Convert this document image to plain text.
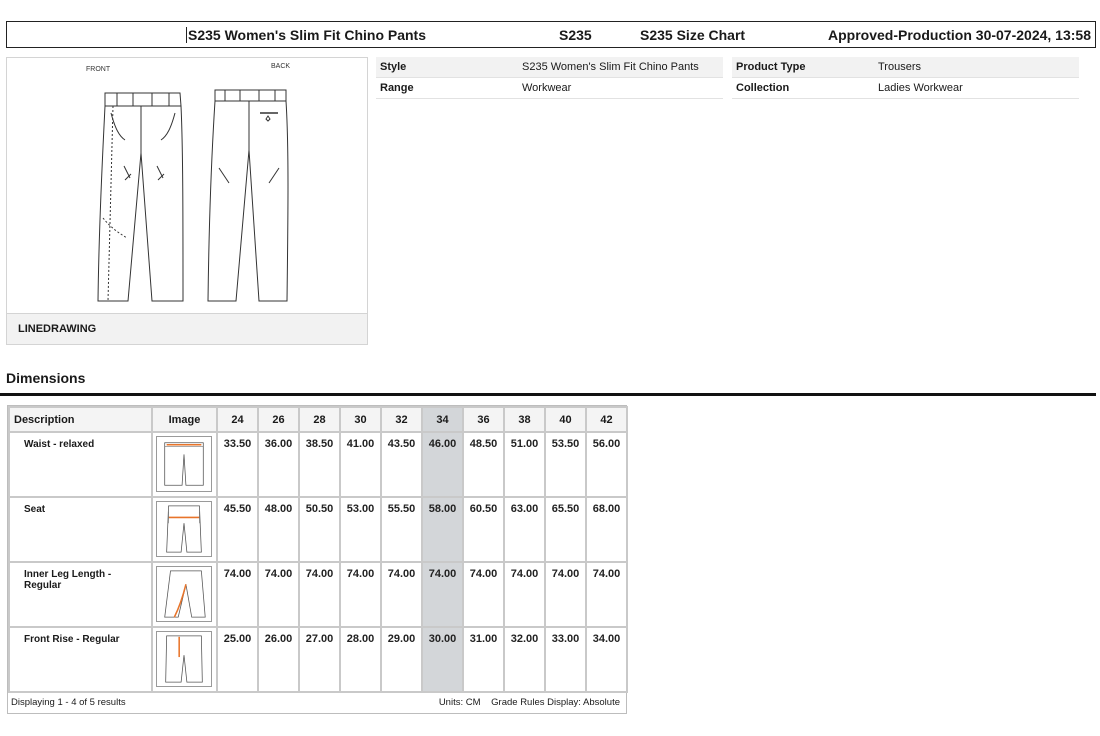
S235 Women's Slim Fit Chino Pants	S235	S235 Size Chart	Approved-Production 30-07-2024, 13:58
FRONT	BACK
LINEDRAWING
Style	S235 Women's Slim Fit Chino Pants	Product Type	Trousers
Range	Workwear	Collection	Ladies Workwear
Dimensions
Description	Image	24	26	28	30	32	34	36	38	40	42
Waist - relaxed		33.50	36.00	38.50	41.00	43.50	46.00	48.50	51.00	53.50	56.00
Seat		45.50	48.00	50.50	53.00	55.50	58.00	60.50	63.00	65.50	68.00
Inner Leg Length - Regular		74.00	74.00	74.00	74.00	74.00	74.00	74.00	74.00	74.00	74.00
Front Rise - Regular		25.00	26.00	27.00	28.00	29.00	30.00	31.00	32.00	33.00	34.00
Displaying 1 - 4 of 5 results	Units: CM Grade Rules Display: Absolute
